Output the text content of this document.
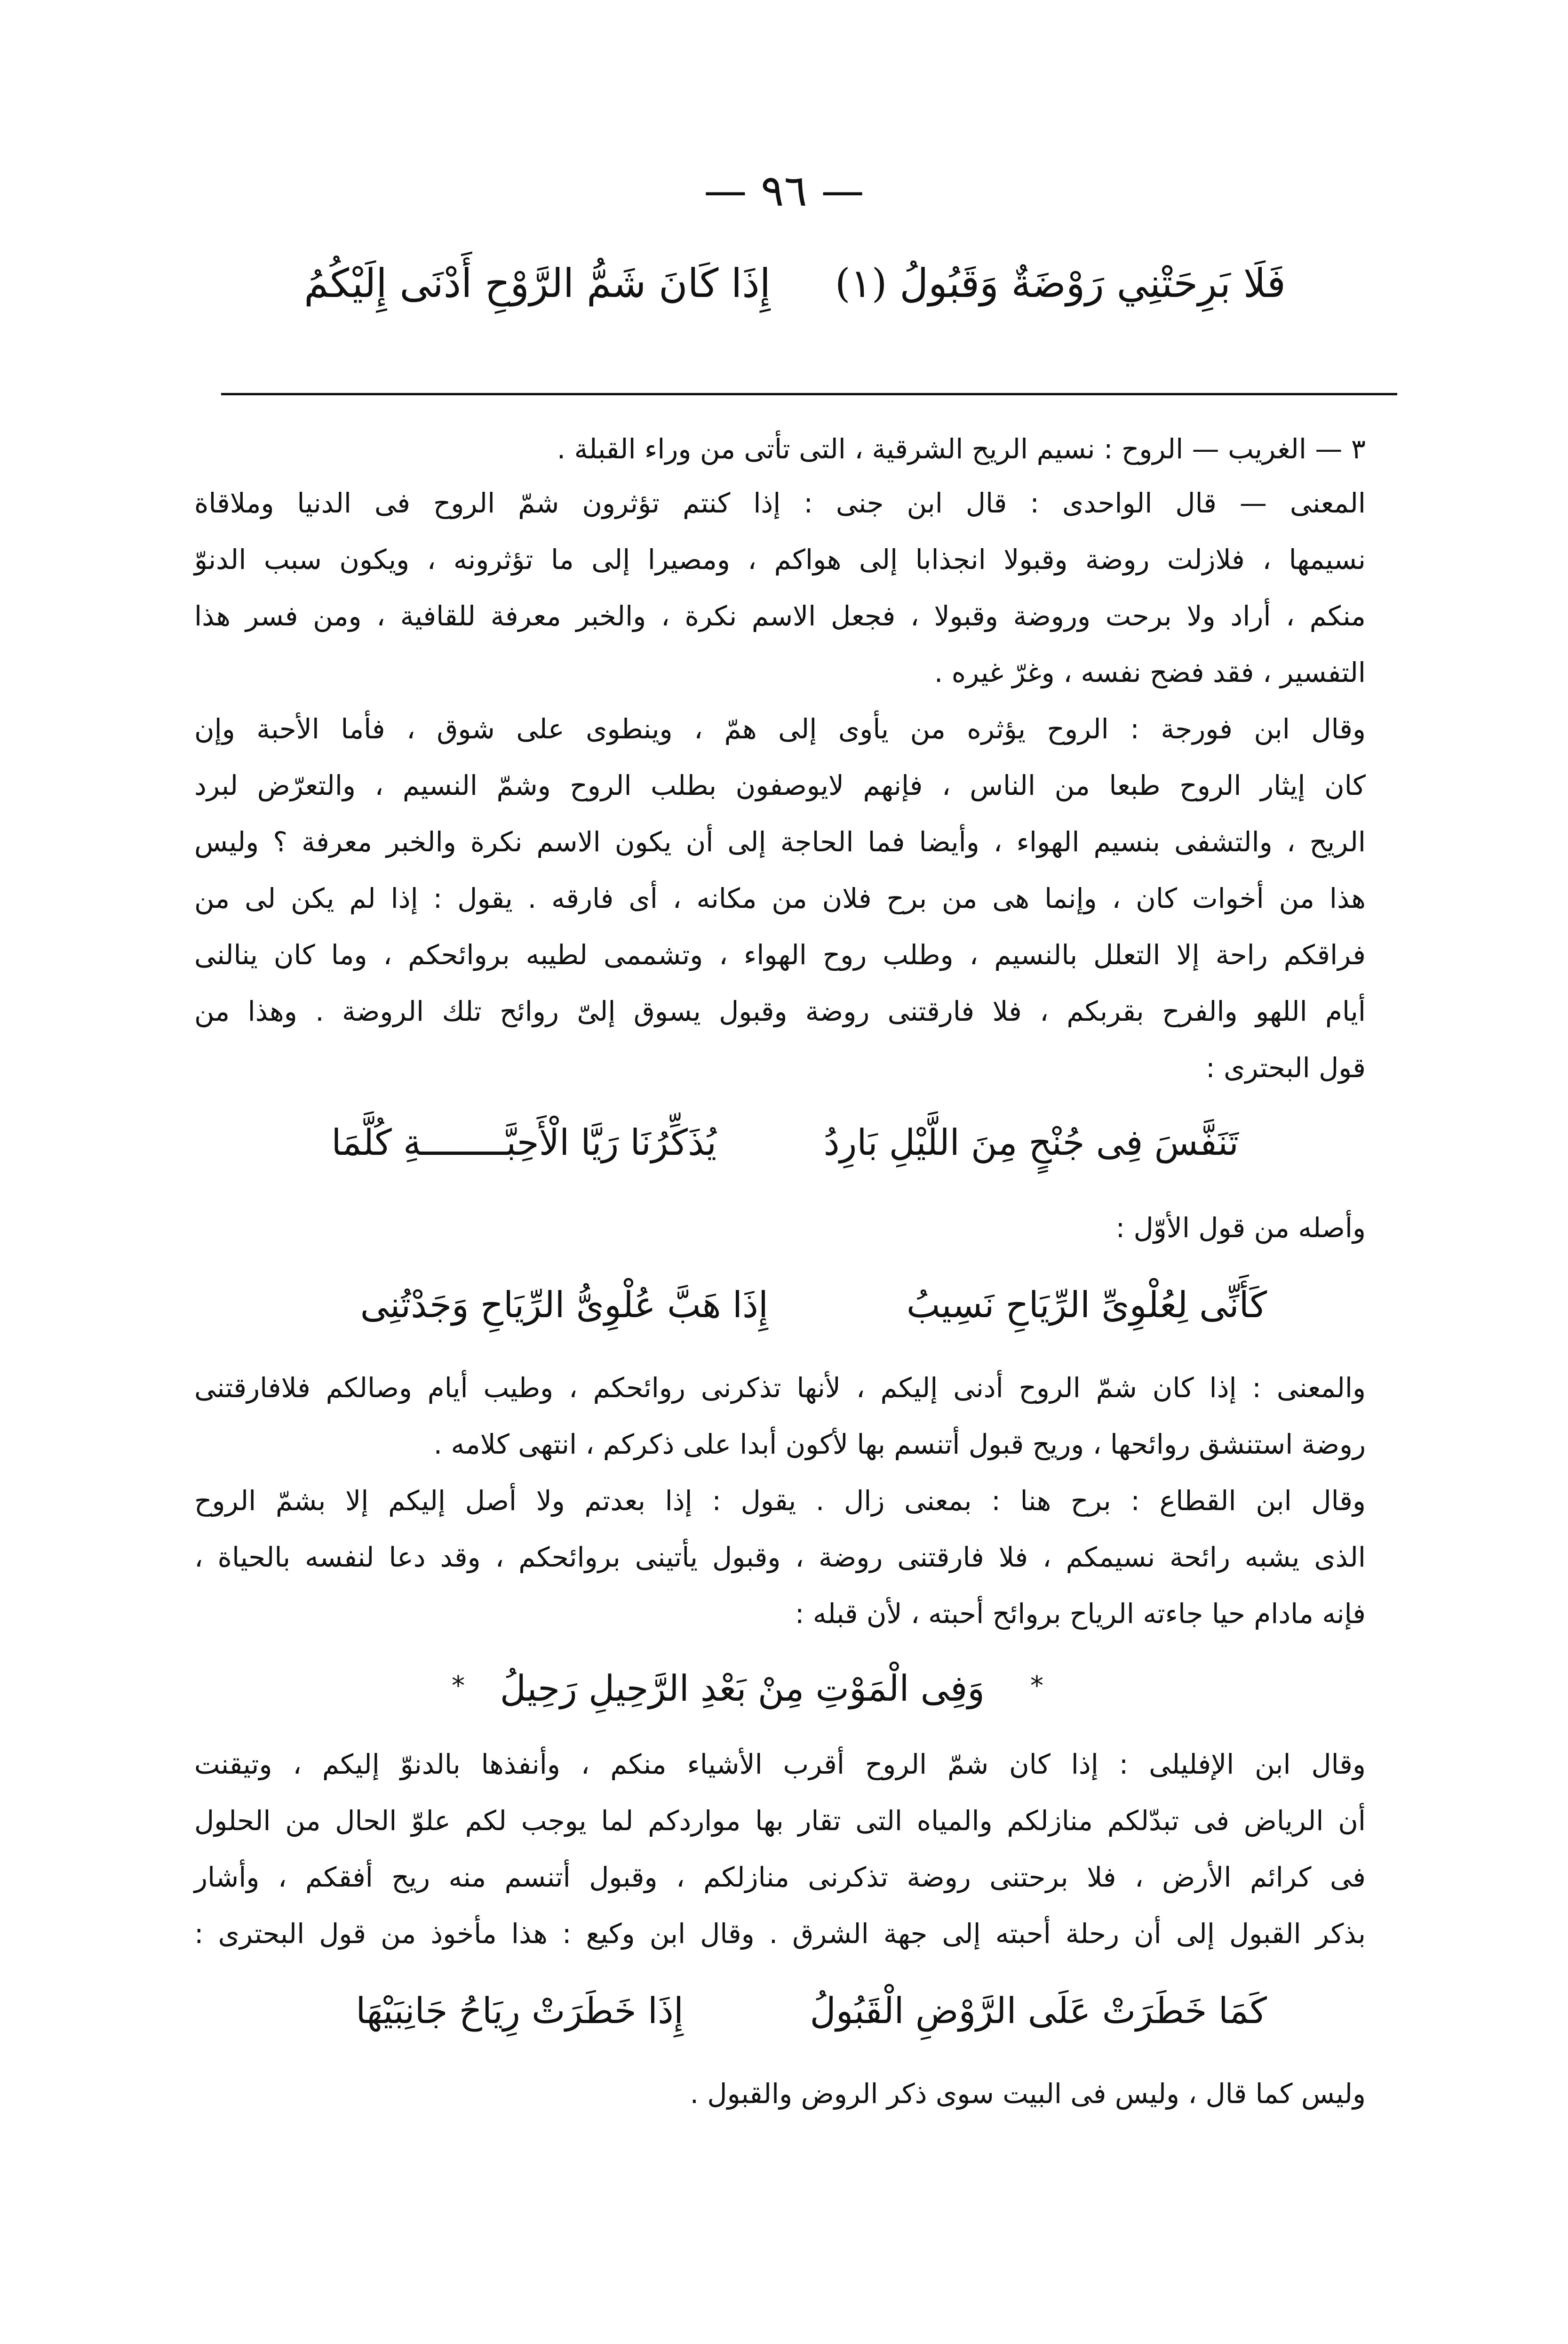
— ٩٦ —
إِذَا كَانَ شَمُّ الرَّوْحِ أَدْنَى إِلَيْكُمُ فَلَا بَرِحَتْنِي رَوْضَةٌ وَقَبُولُ (١)
٣ — الغريب — الروح : نسيم الريح الشرقية ، التى تأتى من وراء القبلة .
المعنى — قال الواحدى : قال ابن جنى : إذا كنتم تؤثرون شمّ الروح فى الدنيا وملاقاة
نسيمها ، فلازلت روضة وقبولا انجذابا إلى هواكم ، ومصيرا إلى ما تؤثرونه ، ويكون سبب الدنوّ
منكم ، أراد ولا برحت وروضة وقبولا ، فجعل الاسم نكرة ، والخبر معرفة للقافية ، ومن فسر هذا
التفسير ، فقد فضح نفسه ، وغرّ غيره .
وقال ابن فورجة : الروح يؤثره من يأوى إلى همّ ، وينطوى على شوق ، فأما الأحبة وإن
كان إيثار الروح طبعا من الناس ، فإنهم لايوصفون بطلب الروح وشمّ النسيم ، والتعرّض لبرد
الريح ، والتشفى بنسيم الهواء ، وأيضا فما الحاجة إلى أن يكون الاسم نكرة والخبر معرفة ؟ وليس
هذا من أخوات كان ، وإنما هى من برح فلان من مكانه ، أى فارقه . يقول : إذا لم يكن لى من
فراقكم راحة إلا التعلل بالنسيم ، وطلب روح الهواء ، وتشممى لطيبه بروائحكم ، وما كان ينالنى
أيام اللهو والفرح بقربكم ، فلا فارقتنى روضة وقبول يسوق إلىّ روائح تلك الروضة . وهذا من
قول البحترى :
يُذَكِّرُنَا رَيَّا الْأَحِبَّــــــــةِ كُلَّمَا	تَنَفَّسَ فِى جُنْحٍ مِنَ اللَّيْلِ بَارِدُ
وأصله من قول الأوّل :
إِذَا هَبَّ عُلْوِىُّ الرِّيَاحِ وَجَدْتُنِى	كَأَنِّى لِعُلْوِىِّ الرِّيَاحِ نَسِيبُ
والمعنى : إذا كان شمّ الروح أدنى إليكم ، لأنها تذكرنى روائحكم ، وطيب أيام وصالكم فلافارقتنى
روضة استنشق روائحها ، وريح قبول أتنسم بها لأكون أبدا على ذكركم ، انتهى كلامه .
وقال ابن القطاع : برح هنا : بمعنى زال . يقول : إذا بعدتم ولا أصل إليكم إلا بشمّ الروح
الذى يشبه رائحة نسيمكم ، فلا فارقتنى روضة ، وقبول يأتينى بروائحكم ، وقد دعا لنفسه بالحياة ،
فإنه مادام حيا جاءته الرياح بروائح أحبته ، لأن قبله :
*
وَفِى الْمَوْتِ مِنْ بَعْدِ الرَّحِيلِ رَحِيلُ
*
وقال ابن الإفليلى : إذا كان شمّ الروح أقرب الأشياء منكم ، وأنفذها بالدنوّ إليكم ، وتيقنت
أن الرياض فى تبدّلكم منازلكم والمياه التى تقار بها مواردكم لما يوجب لكم علوّ الحال من الحلول
فى كرائم الأرض ، فلا برحتنى روضة تذكرنى منازلكم ، وقبول أتنسم منه ريح أفقكم ، وأشار
بذكر القبول إلى أن رحلة أحبته إلى جهة الشرق . وقال ابن وكيع : هذا مأخوذ من قول البحترى :
إِذَا خَطَرَتْ رِيَاحُ جَانِبَيْهَا	كَمَا خَطَرَتْ عَلَى الرَّوْضِ الْقَبُولُ
وليس كما قال ، وليس فى البيت سوى ذكر الروض والقبول .
